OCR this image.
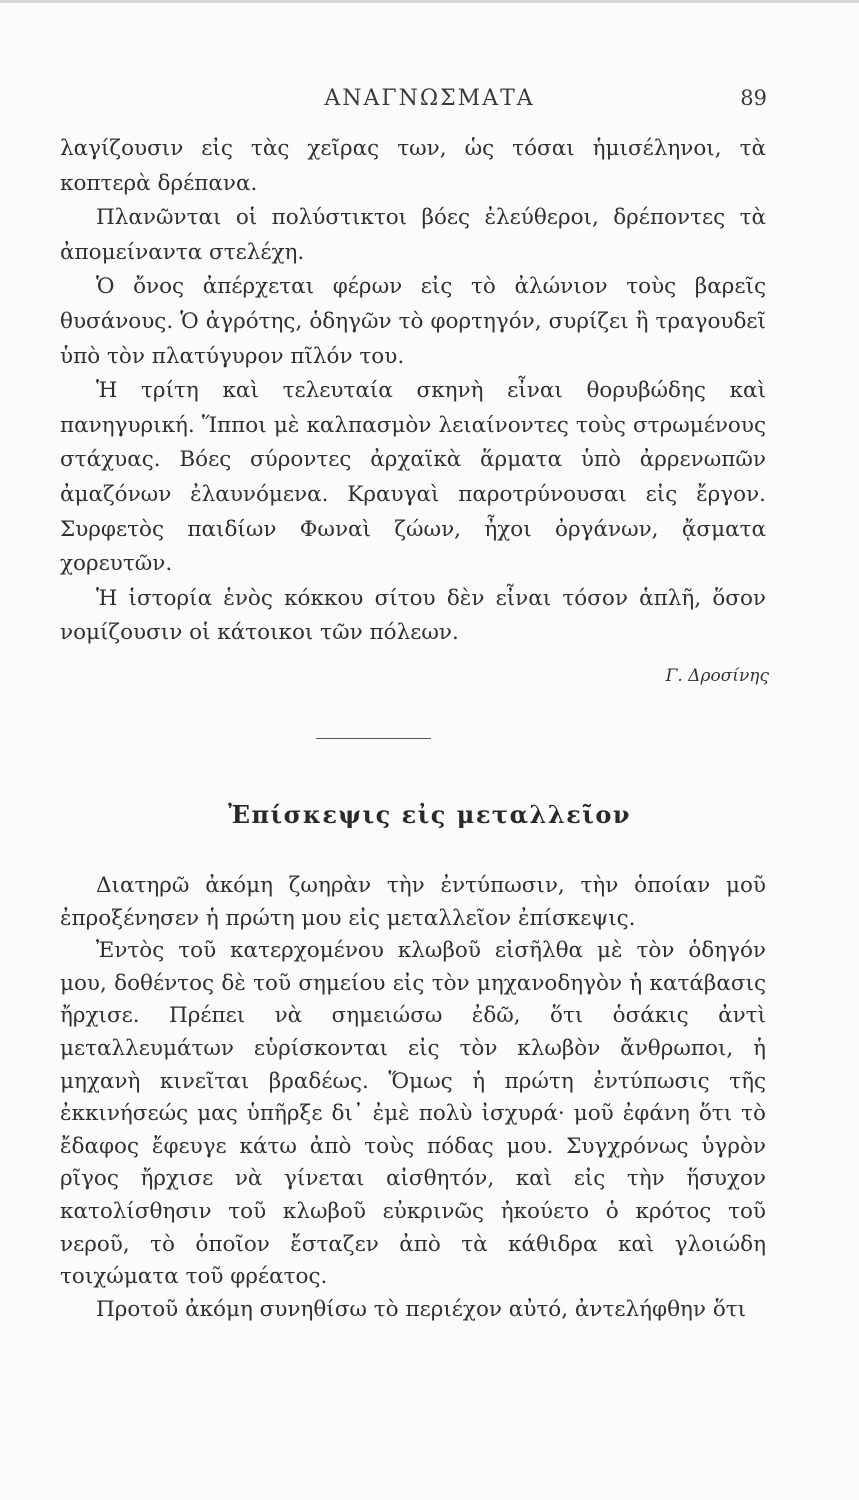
ΑΝΑΓΝΩΣΜΑΤΑ	89

λαγίζουσιν εἰς τὰς χεῖρας των, ὡς τόσαι ἡμισέληνοι, τὰ κοπτερὰ δρέπανα.

Πλανῶνται οἱ πολύστικτοι βόες ἐλεύθεροι, δρέποντες τὰ ἀπομείναντα στελέχη.

Ὁ ὄνος ἀπέρχεται φέρων εἰς τὸ ἀλώνιον τοὺς βαρεῖς θυσάνους. Ὁ ἀγρότης, ὁδηγῶν τὸ φορτηγόν, συρίζει ἢ τραγουδεῖ ὑπὸ τὸν πλατύγυρον πῖλόν του.

Ἡ τρίτη καὶ τελευταία σκηνὴ εἶναι θορυβώδης καὶ πανηγυρική. Ἵπποι μὲ καλπασμὸν λειαίνοντες τοὺς στρωμένους στάχυας. Βόες σύροντες ἀρχαϊκὰ ἅρματα ὑπὸ ἀρρενωπῶν ἀμαζόνων ἐλαυνόμενα. Κραυγαὶ παροτρύνουσαι εἰς ἔργον. Συρφετὸς παιδίων Φωναὶ ζώων, ἦχοι ὀργάνων, ᾄσματα χορευτῶν.

Ἡ ἱστορία ἑνὸς κόκκου σίτου δὲν εἶναι τόσον ἁπλῆ, ὅσον νομίζουσιν οἱ κάτοικοι τῶν πόλεων.

Γ. Δροσίνης
Ἐπίσκεψις εἰς μεταλλεῖον

Διατηρῶ ἀκόμη ζωηρὰν τὴν ἐντύπωσιν, τὴν ὁποίαν μοῦ ἐπροξένησεν ἡ πρώτη μου εἰς μεταλλεῖον ἐπίσκεψις.

Ἐντὸς τοῦ κατερχομένου κλωβοῦ εἰσῆλθα μὲ τὸν ὁδηγόν μου, δοθέντος δὲ τοῦ σημείου εἰς τὸν μηχανοδηγὸν ἡ κατάβασις ἤρχισε. Πρέπει νὰ σημειώσω ἐδῶ, ὅτι ὁσάκις ἀντὶ μεταλλευμάτων εὑρίσκονται εἰς τὸν κλωβὸν ἄνθρωποι, ἡ μηχανὴ κινεῖται βραδέως. Ὅμως ἡ πρώτη ἐντύπωσις τῆς ἐκκινήσεώς μας ὑπῆρξε δι᾽ ἐμὲ πολὺ ἰσχυρά· μοῦ ἐφάνη ὅτι τὸ ἔδαφος ἔφευγε κάτω ἀπὸ τοὺς πόδας μου. Συγχρόνως ὑγρὸν ρῖγος ἤρχισε νὰ γίνεται αἰσθητόν, καὶ εἰς τὴν ἥσυχον κατολίσθησιν τοῦ κλωβοῦ εὐκρινῶς ἠκούετο ὁ κρότος τοῦ νεροῦ, τὸ ὁποῖον ἔσταζεν ἀπὸ τὰ κάθιδρα καὶ γλοιώδη τοιχώματα τοῦ φρέατος.

Προτοῦ ἀκόμη συνηθίσω τὸ περιέχον αὐτό, ἀντελήφθην ὅτι
